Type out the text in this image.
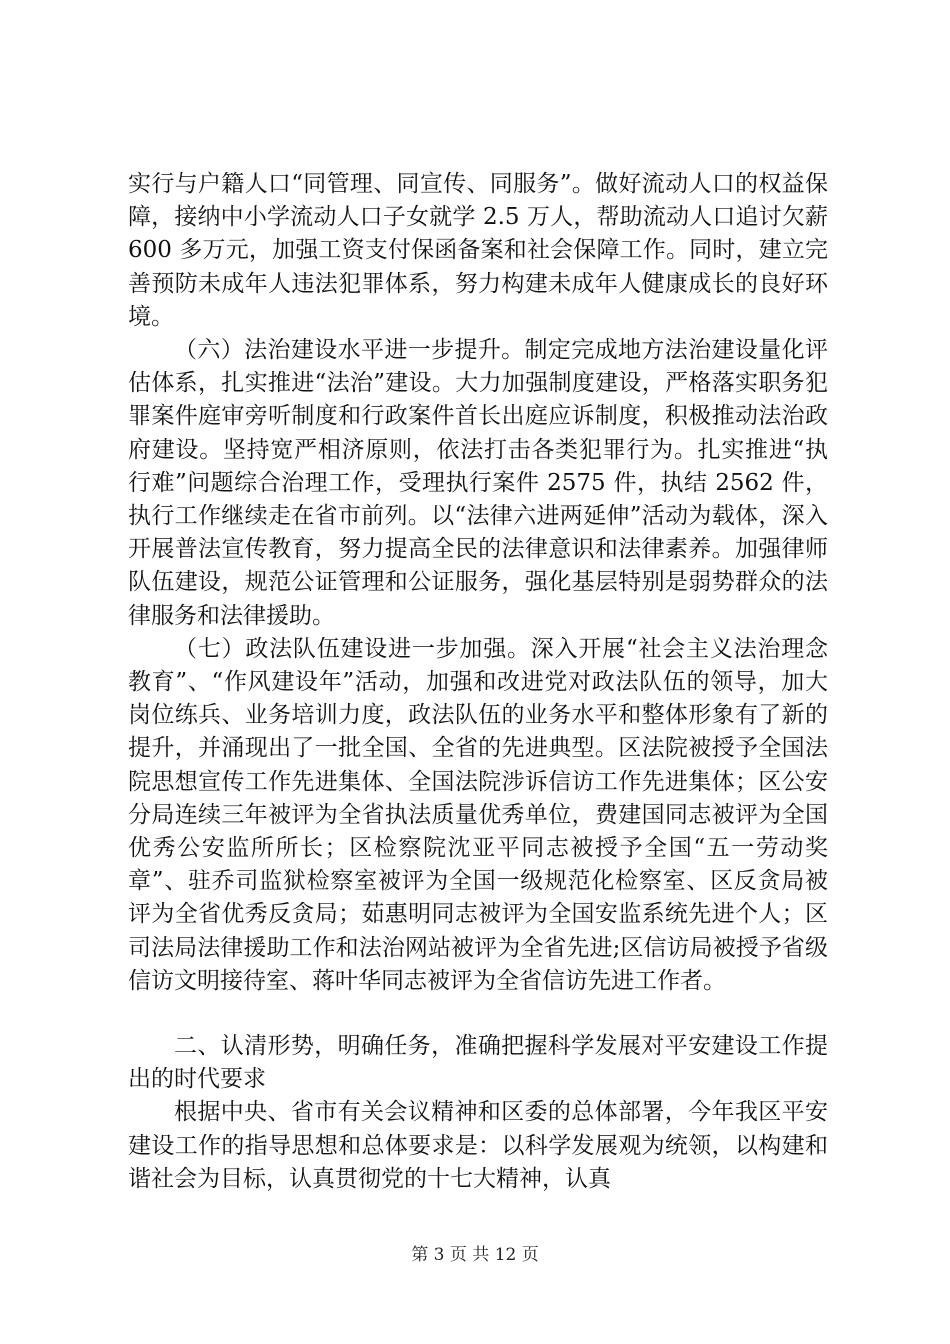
实行与户籍人口“同管理、同宣传、同服务”。做好流动人口的权益保障，接纳中小学流动人口子女就学 2.5 万人，帮助流动人口追讨欠薪 600 多万元，加强工资支付保函备案和社会保障工作。同时，建立完善预防未成年人违法犯罪体系，努力构建未成年人健康成长的良好环境。

（六）法治建设水平进一步提升。制定完成地方法治建设量化评估体系，扎实推进“法治”建设。大力加强制度建设，严格落实职务犯罪案件庭审旁听制度和行政案件首长出庭应诉制度，积极推动法治政府建设。坚持宽严相济原则，依法打击各类犯罪行为。扎实推进“执行难”问题综合治理工作，受理执行案件 2575 件，执结 2562 件，执行工作继续走在省市前列。以“法律六进两延伸”活动为载体，深入开展普法宣传教育，努力提高全民的法律意识和法律素养。加强律师队伍建设，规范公证管理和公证服务，强化基层特别是弱势群众的法律服务和法律援助。

（七）政法队伍建设进一步加强。深入开展“社会主义法治理念教育”、“作风建设年”活动，加强和改进党对政法队伍的领导，加大岗位练兵、业务培训力度，政法队伍的业务水平和整体形象有了新的提升，并涌现出了一批全国、全省的先进典型。区法院被授予全国法院思想宣传工作先进集体、全国法院涉诉信访工作先进集体；区公安分局连续三年被评为全省执法质量优秀单位，费建国同志被评为全国优秀公安监所所长；区检察院沈亚平同志被授予全国“五一劳动奖章”、驻乔司监狱检察室被评为全国一级规范化检察室、区反贪局被评为全省优秀反贪局；茹惠明同志被评为全国安监系统先进个人；区司法局法律援助工作和法治网站被评为全省先进;区信访局被授予省级信访文明接待室、蒋叶华同志被评为全省信访先进工作者。

二、认清形势，明确任务，准确把握科学发展对平安建设工作提出的时代要求

根据中央、省市有关会议精神和区委的总体部署，今年我区平安建设工作的指导思想和总体要求是：以科学发展观为统领，以构建和谐社会为目标，认真贯彻党的十七大精神，认真

第 3 页 共 12 页
